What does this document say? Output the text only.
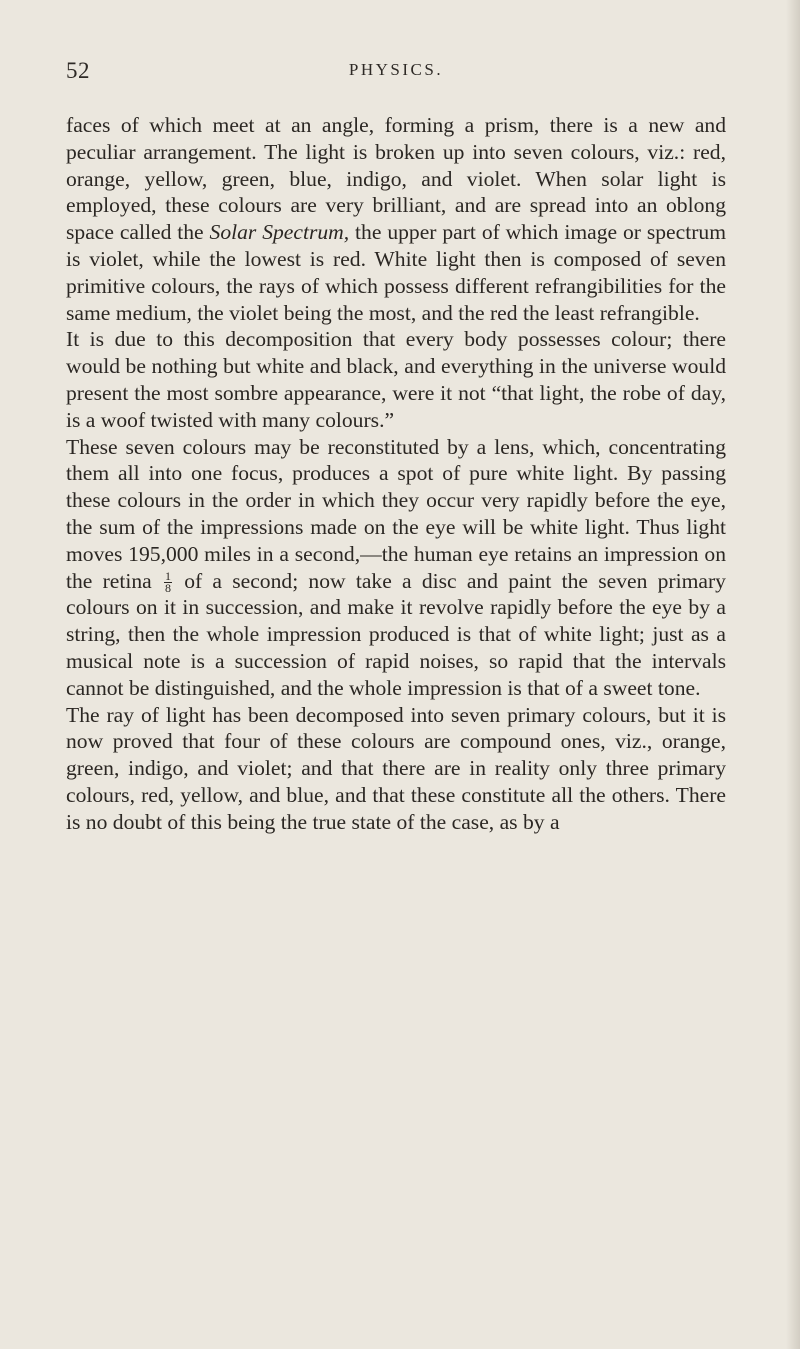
52	PHYSICS.

faces of which meet at an angle, forming a prism, there is a new and peculiar arrangement. The light is broken up into seven colours, viz.: red, orange, yellow, green, blue, indigo, and violet. When solar light is employed, these colours are very brilliant, and are spread into an oblong space called the Solar Spectrum, the upper part of which image or spectrum is violet, while the lowest is red. White light then is composed of seven primitive colours, the rays of which possess different refrangibilities for the same medium, the violet being the most, and the red the least refrangible.

It is due to this decomposition that every body possesses colour; there would be nothing but white and black, and everything in the universe would present the most sombre appearance, were it not “that light, the robe of day, is a woof twisted with many colours.”

These seven colours may be reconstituted by a lens, which, concentrating them all into one focus, produces a spot of pure white light. By passing these colours in the order in which they occur very rapidly before the eye, the sum of the impressions made on the eye will be white light. Thus light moves 195,000 miles in a second,—the human eye retains an impression on the retina $\frac{1}{8}$ of a second; now take a disc and paint the seven primary colours on it in succession, and make it revolve rapidly before the eye by a string, then the whole impression produced is that of white light; just as a musical note is a succession of rapid noises, so rapid that the intervals cannot be distinguished, and the whole impression is that of a sweet tone.

The ray of light has been decomposed into seven primary colours, but it is now proved that four of these colours are compound ones, viz., orange, green, indigo, and violet; and that there are in reality only three primary colours, red, yellow, and blue, and that these constitute all the others. There is no doubt of this being the true state of the case, as by a
